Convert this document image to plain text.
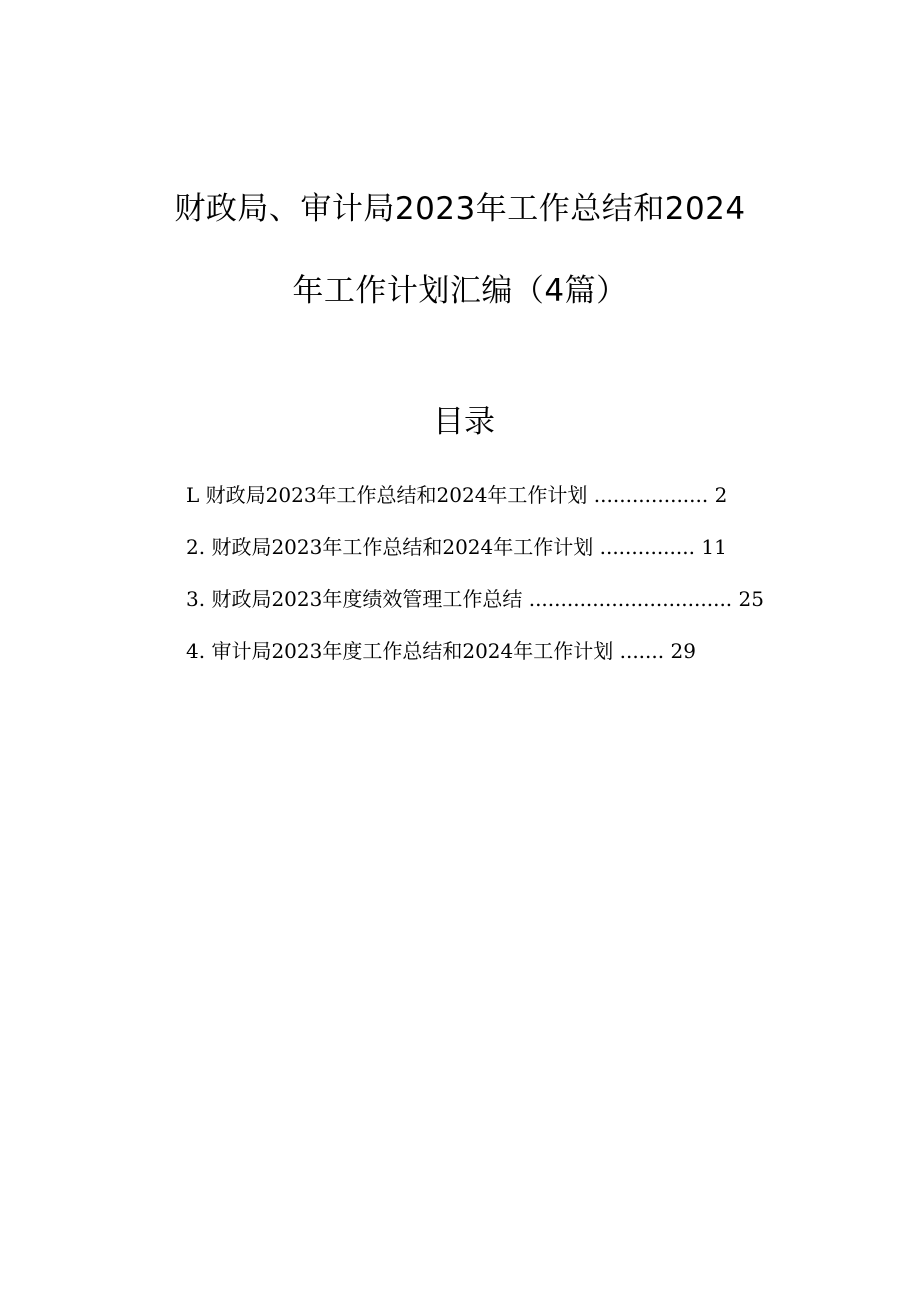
财政局、审计局2023年工作总结和2024
年工作计划汇编（4篇）
目录
L 财政局2023年工作总结和2024年工作计划 .................. 2
2. 财政局2023年工作总结和2024年工作计划 ............... 11
3. 财政局2023年度绩效管理工作总结 ................................ 25
4. 审计局2023年度工作总结和2024年工作计划 ....... 29
